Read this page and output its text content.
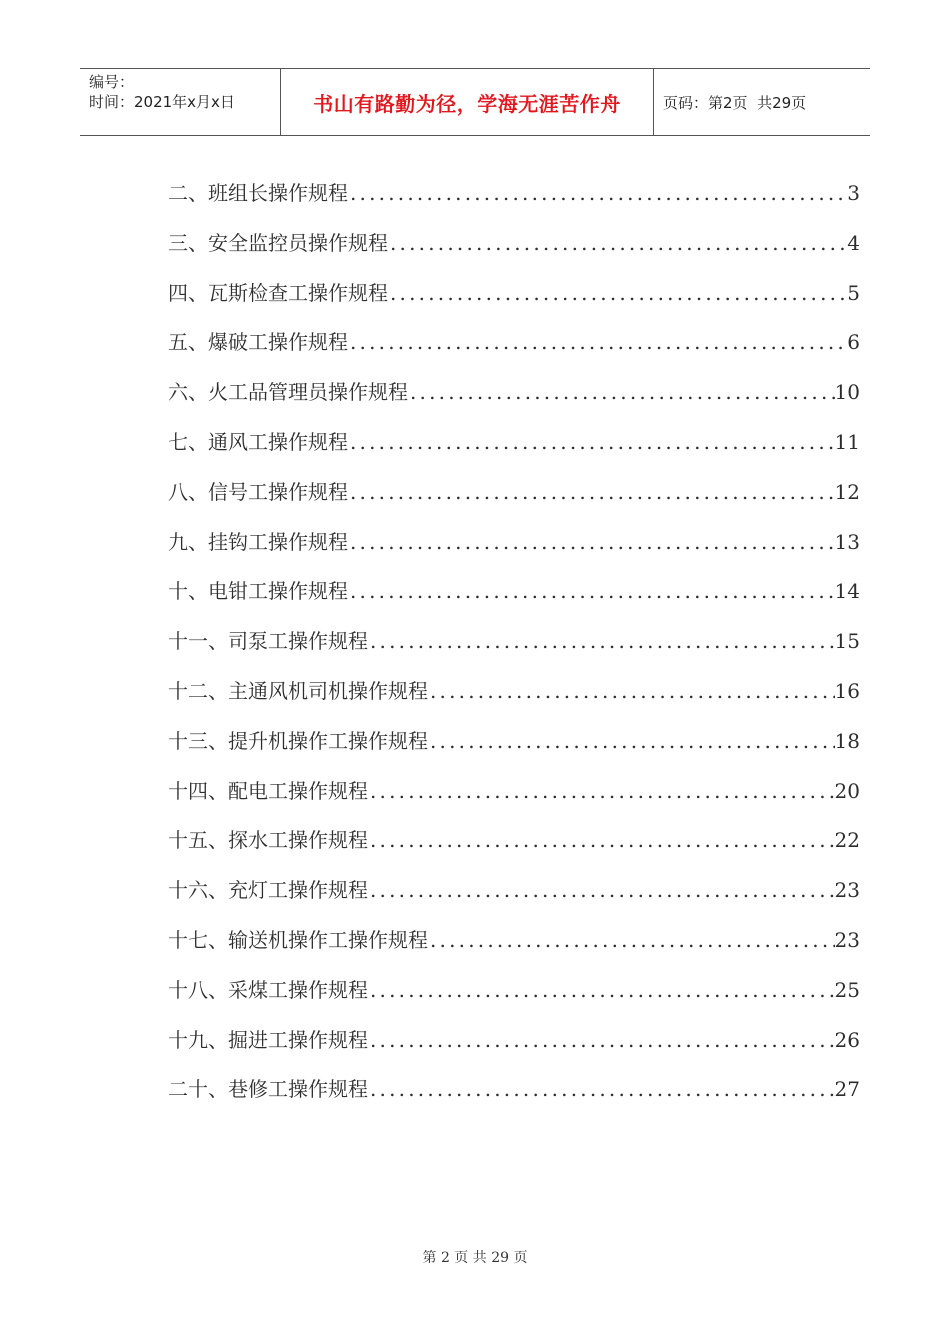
编号：
时间：2021年x月x日	书山有路勤为径，学海无涯苦作舟	页码：第2页  共29页
二、班组长操作规程 .....	3
三、安全监控员操作规程 .....	4
四、瓦斯检查工操作规程 .....	5
五、爆破工操作规程 .....	6
六、火工品管理员操作规程 .....	10
七、通风工操作规程 .....	11
八、信号工操作规程 .....	12
九、挂钩工操作规程 .....	13
十、电钳工操作规程 .....	14
十一、司泵工操作规程 .....	15
十二、主通风机司机操作规程 .....	16
十三、提升机操作工操作规程 .....	18
十四、配电工操作规程 .....	20
十五、探水工操作规程 .....	22
十六、充灯工操作规程 .....	23
十七、输送机操作工操作规程 .....	23
十八、采煤工操作规程 .....	25
十九、掘进工操作规程 .....	26
二十、巷修工操作规程 .....	27
第 2 页 共 29 页
